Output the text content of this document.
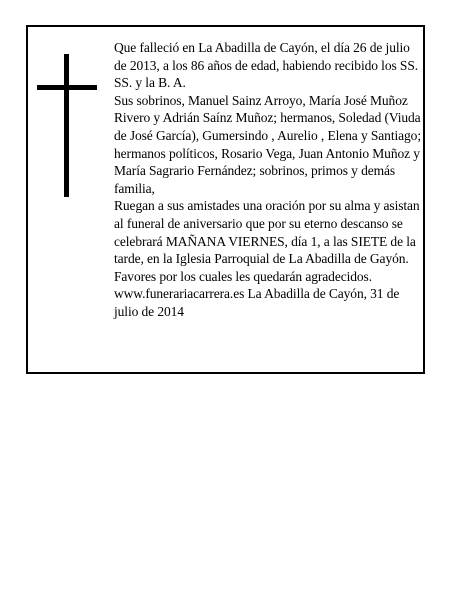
Que falleció en La Abadilla de Cayón, el día 26 de julio de 2013, a los 86 años de edad, habiendo recibido los SS. SS. y la B. A.

Sus sobrinos, Manuel Sainz Arroyo, María José Muñoz Rivero y Adrián Saínz Muñoz; hermanos, Soledad (Viuda de José García), Gumersindo , Aurelio , Elena y Santiago; hermanos políticos, Rosario Vega, Juan Antonio Muñoz y María Sagrario Fernández; sobrinos, primos y demás familia,

Ruegan a sus amistades una oración por su alma y asistan al funeral de aniversario que por su eterno descanso se celebrará MAÑANA VIERNES, día 1, a las SIETE de la tarde, en la Iglesia Parroquial de La Abadilla de Gayón. Favores por los cuales les quedarán agradecidos.

www.funerariacarrera.es La Abadilla de Cayón, 31 de julio de 2014
